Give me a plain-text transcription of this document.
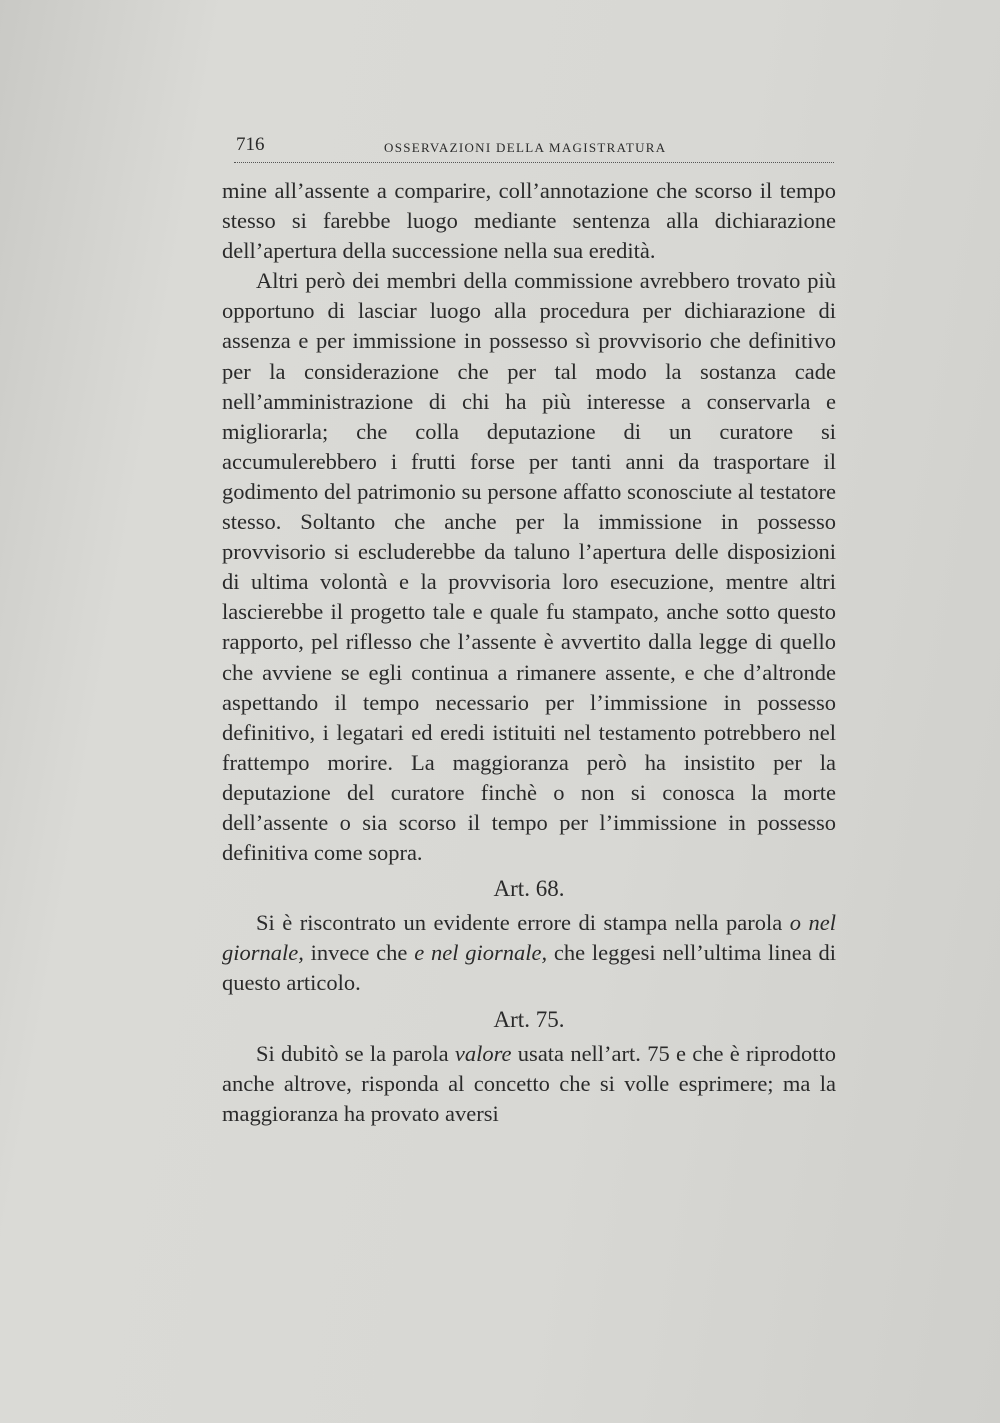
716	OSSERVAZIONI DELLA MAGISTRATURA

mine all’assente a comparire, coll’annotazione che scorso il tempo stesso si farebbe luogo mediante sentenza alla dichiarazione dell’apertura della successione nella sua eredità.

Altri però dei membri della commissione avrebbero trovato più opportuno di lasciar luogo alla procedura per dichiarazione di assenza e per immissione in possesso sì provvisorio che definitivo per la considerazione che per tal modo la sostanza cade nell’amministrazione di chi ha più interesse a conservarla e migliorarla; che colla deputazione di un curatore si accumulerebbero i frutti forse per tanti anni da trasportare il godimento del patrimonio su persone affatto sconosciute al testatore stesso. Soltanto che anche per la immissione in possesso provvisorio si escluderebbe da taluno l’apertura delle disposizioni di ultima volontà e la provvisoria loro esecuzione, mentre altri lascierebbe il progetto tale e quale fu stampato, anche sotto questo rapporto, pel riflesso che l’assente è avvertito dalla legge di quello che avviene se egli continua a rimanere assente, e che d’altronde aspettando il tempo necessario per l’immissione in possesso definitivo, i legatari ed eredi istituiti nel testamento potrebbero nel frattempo morire. La maggioranza però ha insistito per la deputazione del curatore finchè o non si conosca la morte dell’assente o sia scorso il tempo per l’immissione in possesso definitiva come sopra.

Art. 68.

Si è riscontrato un evidente errore di stampa nella parola o nel giornale, invece che e nel giornale, che leggesi nell’ultima linea di questo articolo.

Art. 75.

Si dubitò se la parola valore usata nell’art. 75 e che è riprodotto anche altrove, risponda al concetto che si volle esprimere; ma la maggioranza ha provato aversi
